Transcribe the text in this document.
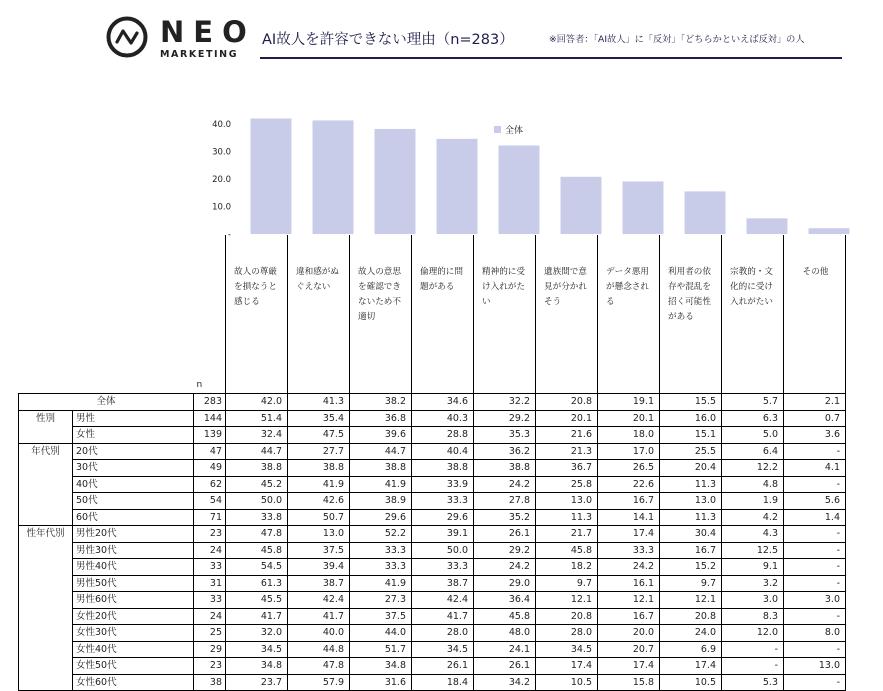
NEO
MARKETING
AI故人を許容できない理由（n=283）	※回答者：「AI故人」に「反対」「どちらかといえば反対」の人
-
10.0
20.0
30.0
40.0
全体
		n	故人の尊厳を損なうと感じる	違和感がぬぐえない	故人の意思を確認できないため不適切	倫理的に問題がある	精神的に受け入れがたい	遺族間で意見が分かれそう	データ悪用が懸念される	利用者の依存や混乱を招く可能性がある	宗教的・文化的に受け入れがたい	その他
全体		283	42.0	41.3	38.2	34.6	32.2	20.8	19.1	15.5	5.7	2.1
性別	男性	144	51.4	35.4	36.8	40.3	29.2	20.1	20.1	16.0	6.3	0.7
	女性	139	32.4	47.5	39.6	28.8	35.3	21.6	18.0	15.1	5.0	3.6
年代別	20代	47	44.7	27.7	44.7	40.4	36.2	21.3	17.0	25.5	6.4	-
	30代	49	38.8	38.8	38.8	38.8	38.8	36.7	26.5	20.4	12.2	4.1
	40代	62	45.2	41.9	41.9	33.9	24.2	25.8	22.6	11.3	4.8	-
	50代	54	50.0	42.6	38.9	33.3	27.8	13.0	16.7	13.0	1.9	5.6
	60代	71	33.8	50.7	29.6	29.6	35.2	11.3	14.1	11.3	4.2	1.4
性年代別	男性20代	23	47.8	13.0	52.2	39.1	26.1	21.7	17.4	30.4	4.3	-
	男性30代	24	45.8	37.5	33.3	50.0	29.2	45.8	33.3	16.7	12.5	-
	男性40代	33	54.5	39.4	33.3	33.3	24.2	18.2	24.2	15.2	9.1	-
	男性50代	31	61.3	38.7	41.9	38.7	29.0	9.7	16.1	9.7	3.2	-
	男性60代	33	45.5	42.4	27.3	42.4	36.4	12.1	12.1	12.1	3.0	3.0
	女性20代	24	41.7	41.7	37.5	41.7	45.8	20.8	16.7	20.8	8.3	-
	女性30代	25	32.0	40.0	44.0	28.0	48.0	28.0	20.0	24.0	12.0	8.0
	女性40代	29	34.5	44.8	51.7	34.5	24.1	34.5	20.7	6.9	-	-
	女性50代	23	34.8	47.8	34.8	26.1	26.1	17.4	17.4	17.4	-	13.0
	女性60代	38	23.7	57.9	31.6	18.4	34.2	10.5	15.8	10.5	5.3	-
